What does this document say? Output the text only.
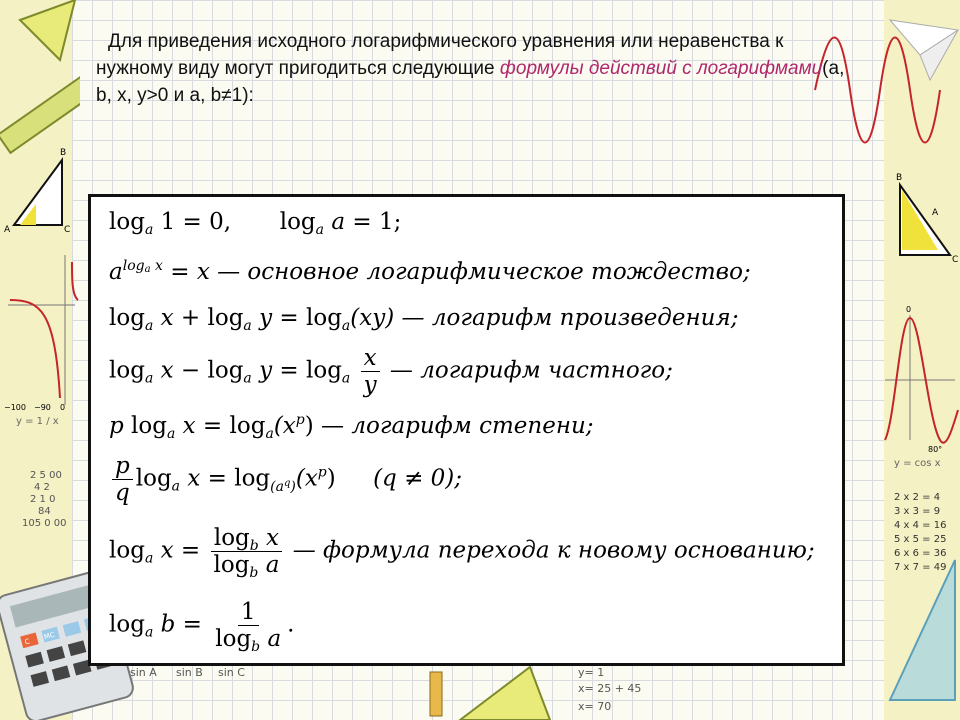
B
A	C
−100 −90 0
y = 1 / x
2 5 00
4 2
2 1 0
84
105 0 00
C
MC
B
A
C
0
80°
y = cos x
2 x 2 = 4
3 x 3 = 9
4 x 4 = 16
5 x 5 = 25
6 x 6 = 36
7 x 7 = 49
sin A sin B sin C	y= 1
x= 25 + 45
x= 70
Для приведения исходного логарифмического уравнения или неравенства к нужному виду могут пригодиться следующие формулы действий с логарифмами(a, b, x, y>0 и a, b≠1):
$\log_a 1 = 0$, $\log_a a = 1$;
$a^{log_a x} = x$ — основное логарифмическое тождество;
$\log_a x + \log_a y = \log_a(xy)$ — логарифм произведения;
$\log_a x - \log_a y = \log_a \frac{x}{y}$ — логарифм частного;
p $\log_a x = \log_a(x^p)$ — логарифм степени;
$\frac{p}{q} \log_a x = \log_{(a^q)}(x^p) (q \ne 0)$;
$\log_a x = \frac{\log_b x}{\log_b a}$ — формула перехода к новому основанию;
$\log_a b = \frac{1}{\log_b a}$ .
